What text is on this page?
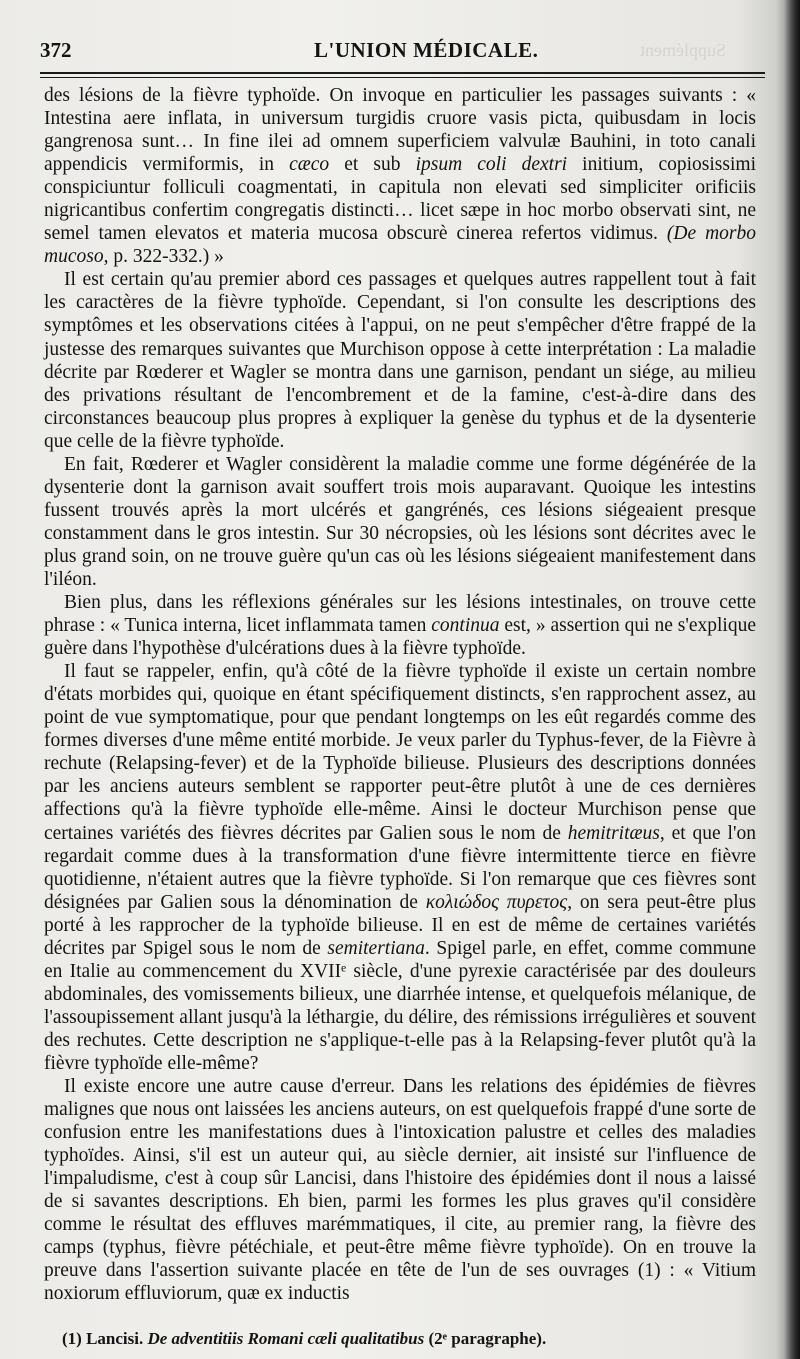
372	L'UNION MÉDICALE.	Supplément

des lésions de la fièvre typhoïde. On invoque en particulier les passages suivants : « Intestina aere inflata, in universum turgidis cruore vasis picta, quibusdam in locis gangrenosa sunt… In fine ilei ad omnem superficiem valvulæ Bauhini, in toto canali appendicis vermiformis, in cæco et sub ipsum coli dextri initium, copiosissimi conspiciuntur folliculi coagmentati, in capitula non elevati sed simpliciter orificiis nigricantibus confertim congregatis distincti… licet sæpe in hoc morbo observati sint, ne semel tamen elevatos et materia mucosa obscurè cinerea refertos vidimus. (De morbo mucoso, p. 322-332.) »

Il est certain qu'au premier abord ces passages et quelques autres rappellent tout à fait les caractères de la fièvre typhoïde. Cependant, si l'on consulte les descriptions des symptômes et les observations citées à l'appui, on ne peut s'empêcher d'être frappé de la justesse des remarques suivantes que Murchison oppose à cette interprétation : La maladie décrite par Rœderer et Wagler se montra dans une garnison, pendant un siége, au milieu des privations résultant de l'encombrement et de la famine, c'est-à-dire dans des circonstances beaucoup plus propres à expliquer la genèse du typhus et de la dysenterie que celle de la fièvre typhoïde.

En fait, Rœderer et Wagler considèrent la maladie comme une forme dégénérée de la dysenterie dont la garnison avait souffert trois mois auparavant. Quoique les intestins fussent trouvés après la mort ulcérés et gangrénés, ces lésions siégeaient presque constamment dans le gros intestin. Sur 30 nécropsies, où les lésions sont décrites avec le plus grand soin, on ne trouve guère qu'un cas où les lésions siégeaient manifestement dans l'iléon.

Bien plus, dans les réflexions générales sur les lésions intestinales, on trouve cette phrase : « Tunica interna, licet inflammata tamen continua est, » assertion qui ne s'explique guère dans l'hypothèse d'ulcérations dues à la fièvre typhoïde.

Il faut se rappeler, enfin, qu'à côté de la fièvre typhoïde il existe un certain nombre d'états morbides qui, quoique en étant spécifiquement distincts, s'en rapprochent assez, au point de vue symptomatique, pour que pendant longtemps on les eût regardés comme des formes diverses d'une même entité morbide. Je veux parler du Typhus-fever, de la Fièvre à rechute (Relapsing-fever) et de la Typhoïde bilieuse. Plusieurs des descriptions données par les anciens auteurs semblent se rapporter peut-être plutôt à une de ces dernières affections qu'à la fièvre typhoïde elle-même. Ainsi le docteur Murchison pense que certaines variétés des fièvres décrites par Galien sous le nom de hemitritæus, et que l'on regardait comme dues à la transformation d'une fièvre intermittente tierce en fièvre quotidienne, n'étaient autres que la fièvre typhoïde. Si l'on remarque que ces fièvres sont désignées par Galien sous la dénomination de κολιώδος πυρετος, on sera peut-être plus porté à les rapprocher de la typhoïde bilieuse. Il en est de même de certaines variétés décrites par Spigel sous le nom de semitertiana. Spigel parle, en effet, comme commune en Italie au commencement du XVIIᵉ siècle, d'une pyrexie caractérisée par des douleurs abdominales, des vomissements bilieux, une diarrhée intense, et quelquefois mélanique, de l'assoupissement allant jusqu'à la léthargie, du délire, des rémissions irrégulières et souvent des rechutes. Cette description ne s'applique-t-elle pas à la Relapsing-fever plutôt qu'à la fièvre typhoïde elle-même?

Il existe encore une autre cause d'erreur. Dans les relations des épidémies de fièvres malignes que nous ont laissées les anciens auteurs, on est quelquefois frappé d'une sorte de confusion entre les manifestations dues à l'intoxication palustre et celles des maladies typhoïdes. Ainsi, s'il est un auteur qui, au siècle dernier, ait insisté sur l'influence de l'impaludisme, c'est à coup sûr Lancisi, dans l'histoire des épidémies dont il nous a laissé de si savantes descriptions. Eh bien, parmi les formes les plus graves qu'il considère comme le résultat des effluves marémmatiques, il cite, au premier rang, la fièvre des camps (typhus, fièvre pétéchiale, et peut-être même fièvre typhoïde). On en trouve la preuve dans l'assertion suivante placée en tête de l'un de ses ouvrages (1) : « Vitium noxiorum effluviorum, quæ ex inductis

(1) Lancisi. De adventitiis Romani cæli qualitatibus (2ᵉ paragraphe).
